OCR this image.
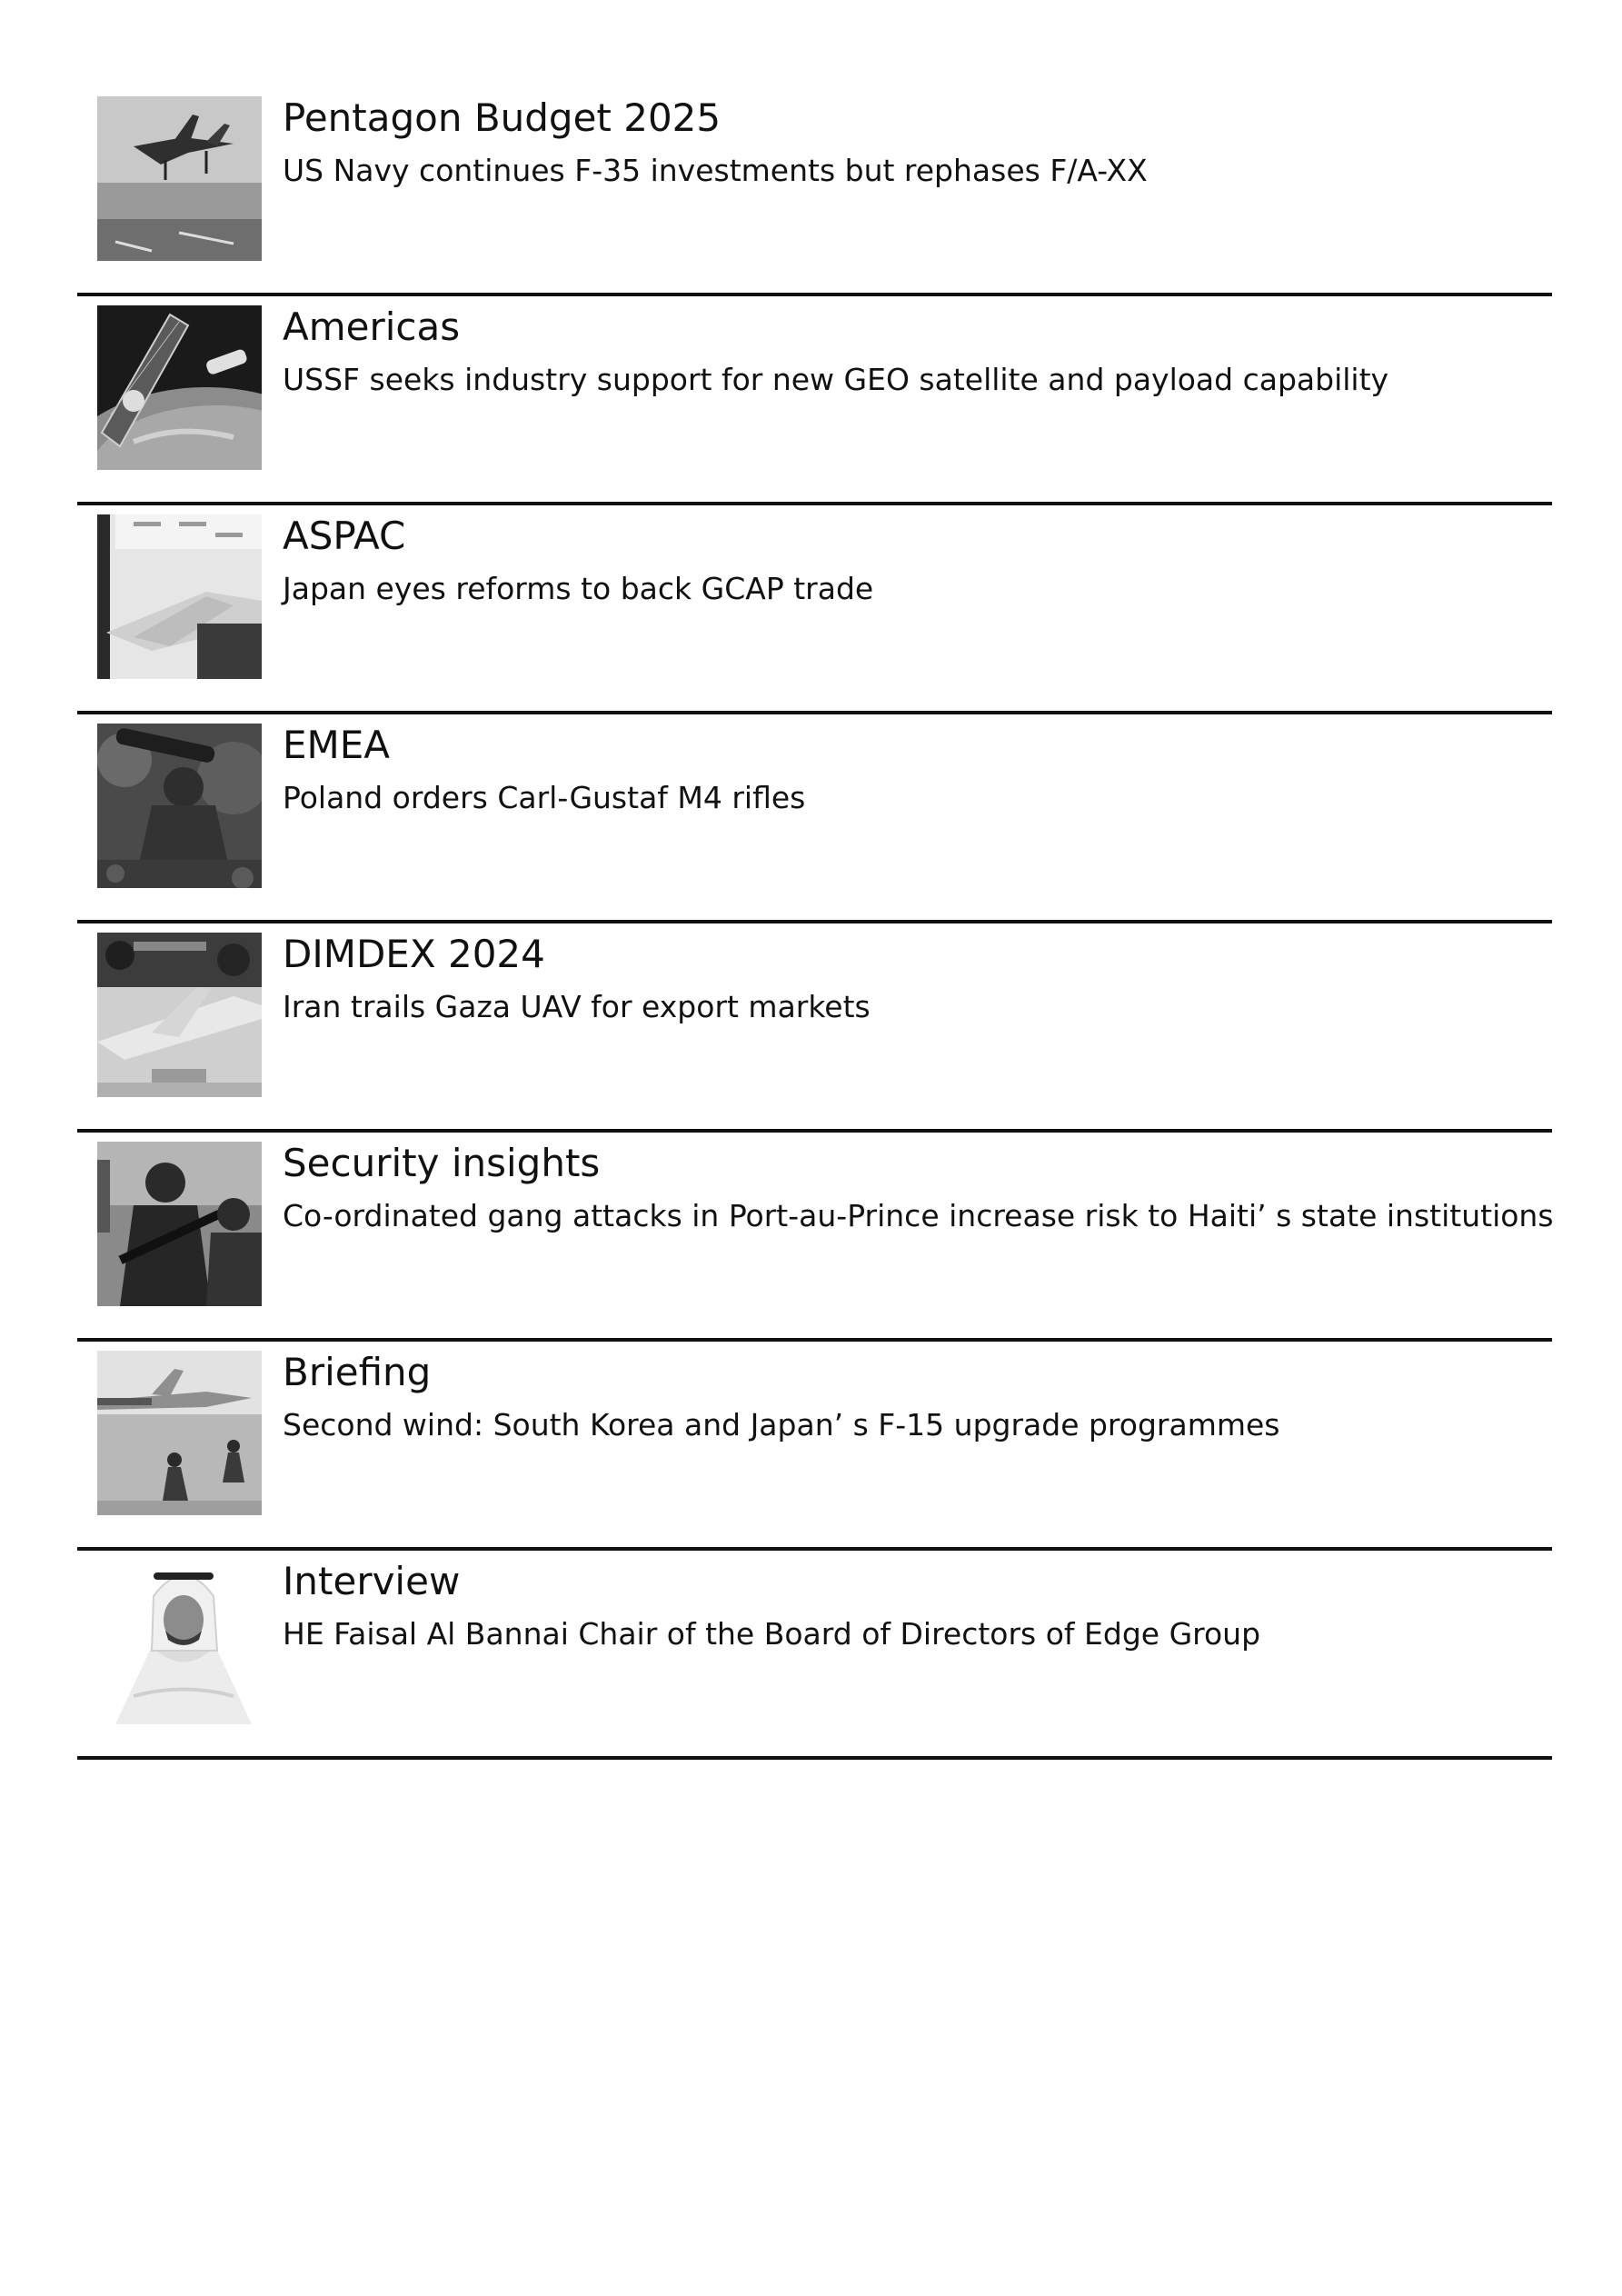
Pentagon Budget 2025
US Navy continues F-35 investments but rephases F/A-XX
Americas
USSF seeks industry support for new GEO satellite and payload capability
ASPAC
Japan eyes reforms to back GCAP trade
EMEA
Poland orders Carl-Gustaf M4 rifles
DIMDEX 2024
Iran trails Gaza UAV for export markets
Security insights
Co-ordinated gang attacks in Port-au-Prince increase risk to Haiti’ s state institutions
Briefing
Second wind: South Korea and Japan’ s F-15 upgrade programmes
Interview
HE Faisal Al Bannai Chair of the Board of Directors of Edge Group
